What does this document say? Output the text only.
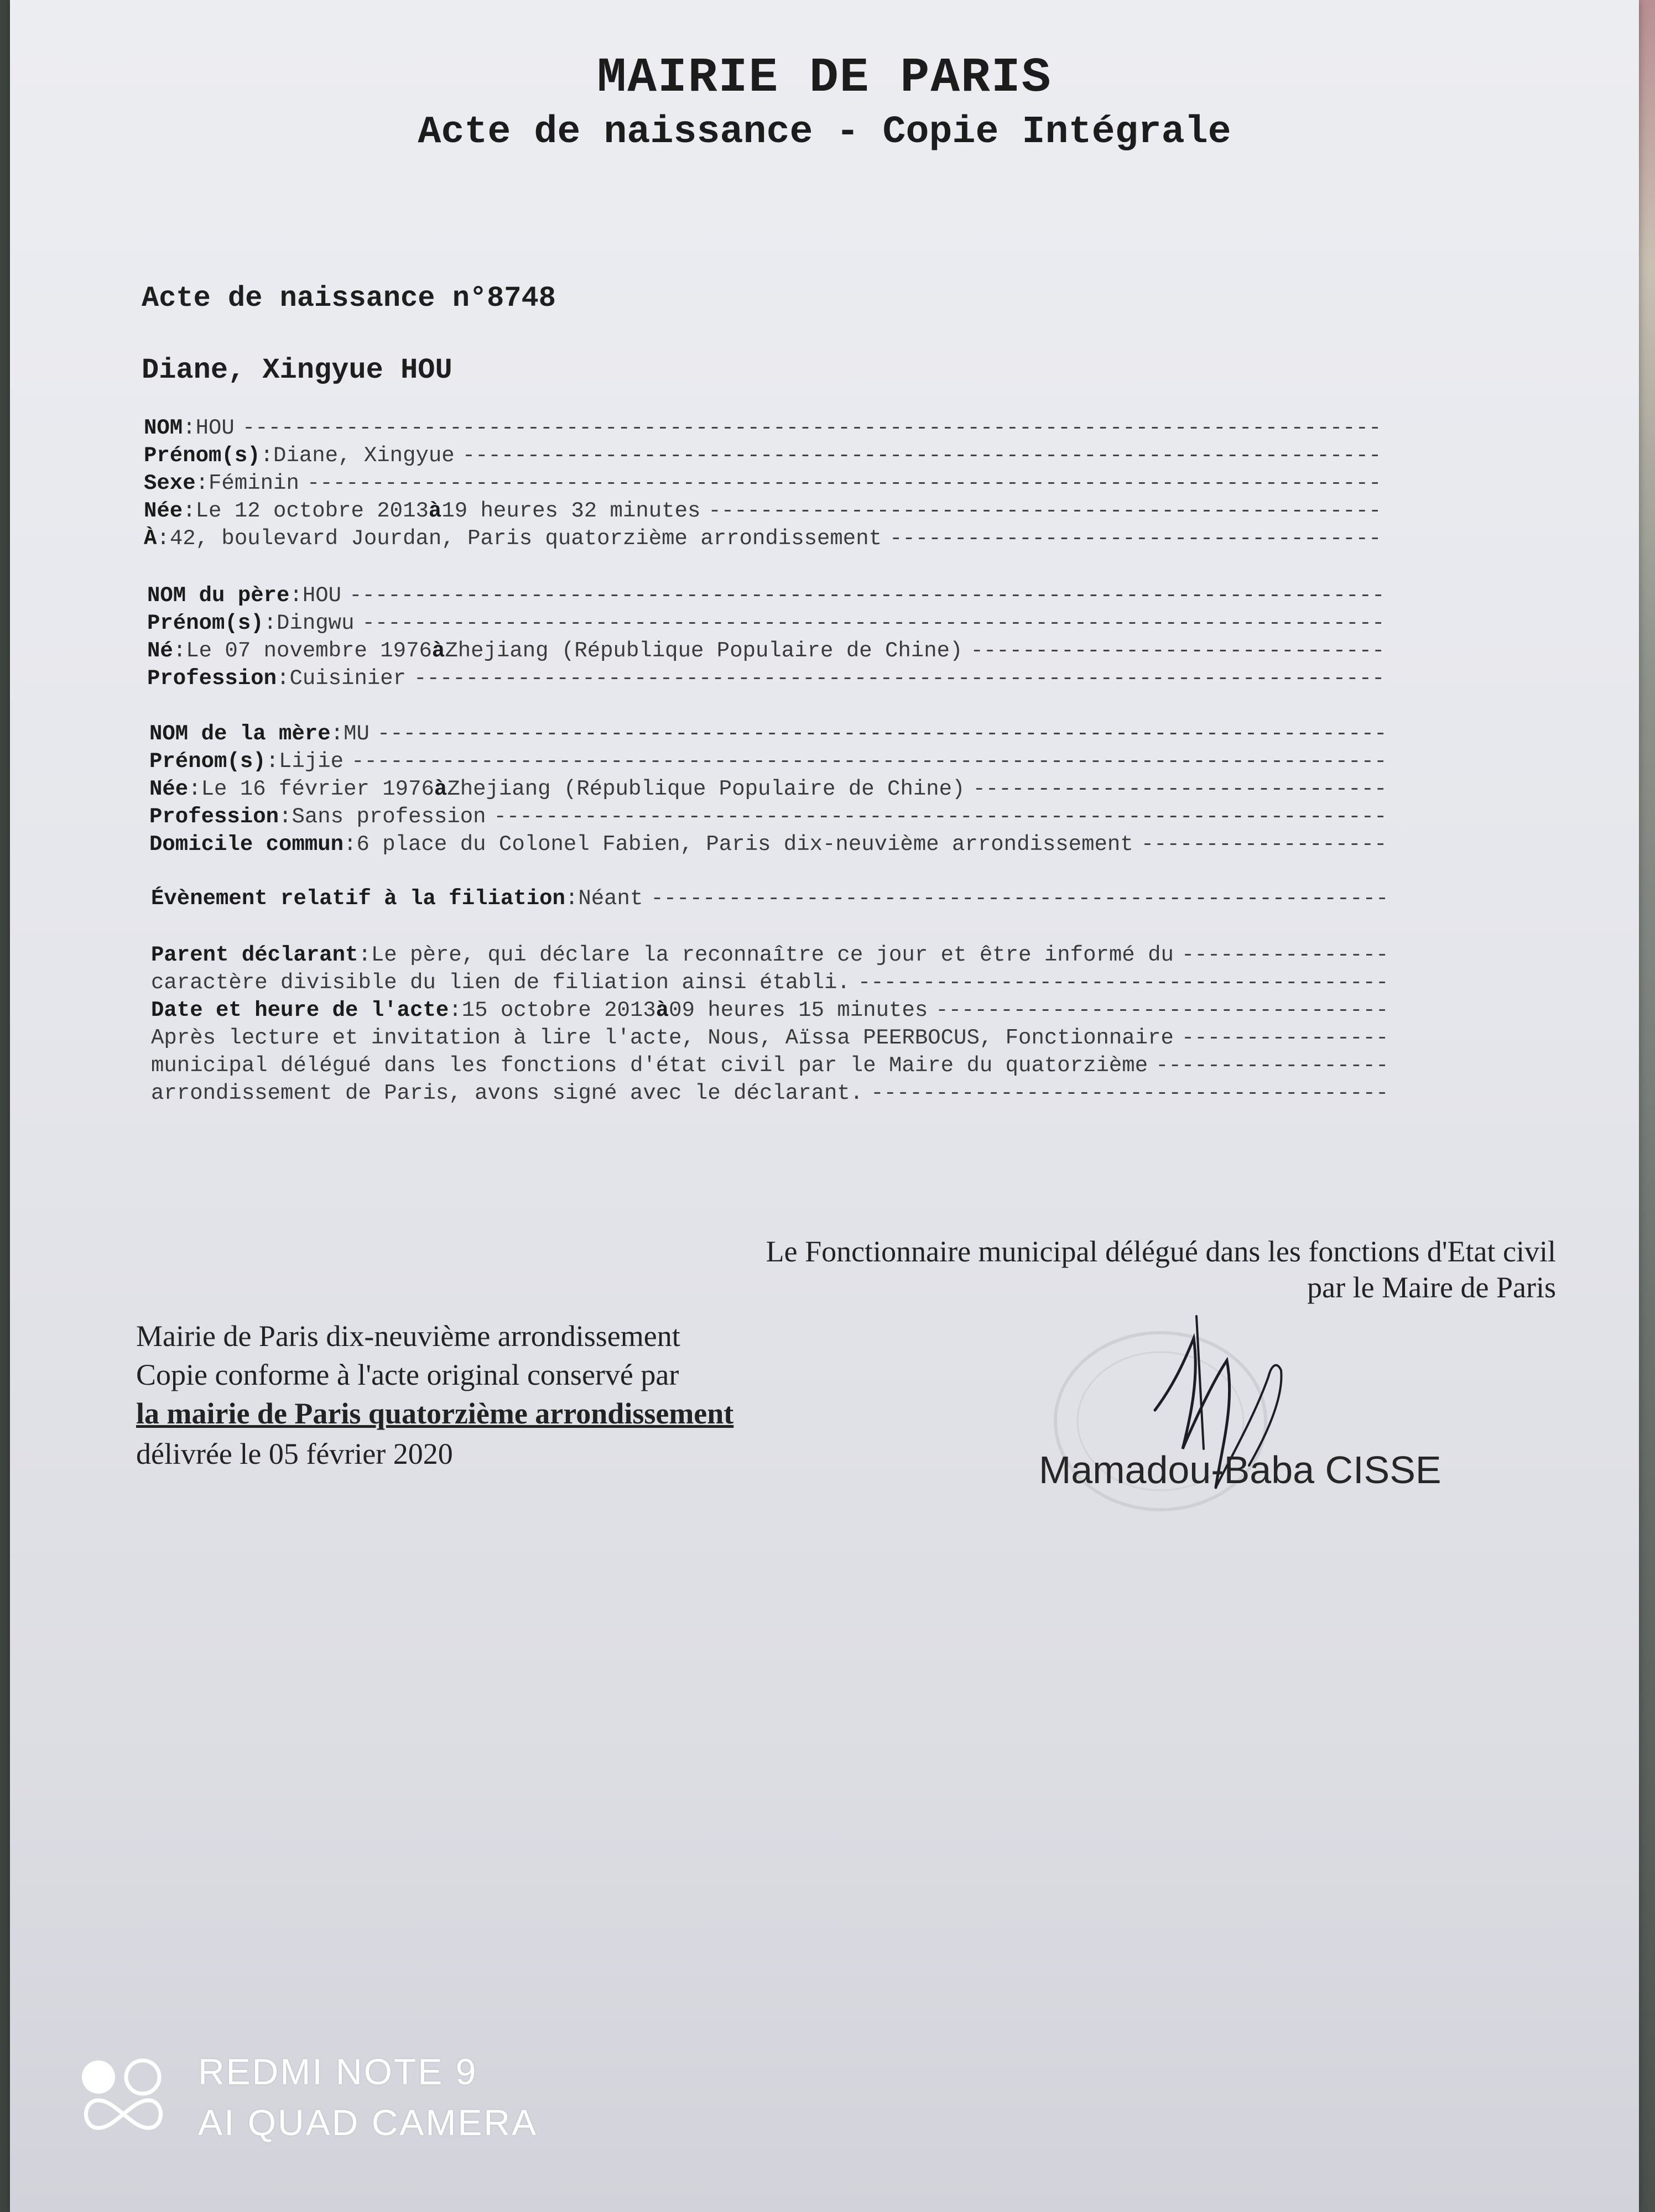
MAIRIE DE PARIS
Acte de naissance - Copie Intégrale
Acte de naissance n°8748
Diane, Xingyue HOU
NOM : HOU
-----
Prénom(s) : Diane, Xingyue
-----
Sexe : Féminin
-----
Née : Le 12 octobre 2013 à 19 heures 32 minutes
-----
À : 42, boulevard Jourdan, Paris quatorzième arrondissement
-----
NOM du père : HOU
-----
Prénom(s) : Dingwu
-----
Né : Le 07 novembre 1976 à Zhejiang (République Populaire de Chine)
-----
Profession : Cuisinier
-----
NOM de la mère : MU
-----
Prénom(s) : Lijie
-----
Née : Le 16 février 1976 à Zhejiang (République Populaire de Chine)
-----
Profession : Sans profession
-----
Domicile commun : 6 place du Colonel Fabien, Paris dix-neuvième arrondissement
-----
Évènement relatif à la filiation : Néant
-----
Parent déclarant : Le père, qui déclare la reconnaître ce jour et être informé du
-----
caractère divisible du lien de filiation ainsi établi.
-----
Date et heure de l'acte : 15 octobre 2013 à 09 heures 15 minutes
-----
Après lecture et invitation à lire l'acte, Nous, Aïssa PEERBOCUS, Fonctionnaire
-----
municipal délégué dans les fonctions d'état civil par le Maire du quatorzième
-----
arrondissement de Paris, avons signé avec le déclarant.
-----
Le Fonctionnaire municipal délégué dans les fonctions d'Etat civil
par le Maire de Paris
Mairie de Paris dix-neuvième arrondissement
Copie conforme à l'acte original conservé par
la mairie de Paris quatorzième arrondissement
délivrée le 05 février 2020	Mamadou-Baba CISSE
REDMI NOTE 9
AI QUAD CAMERA
